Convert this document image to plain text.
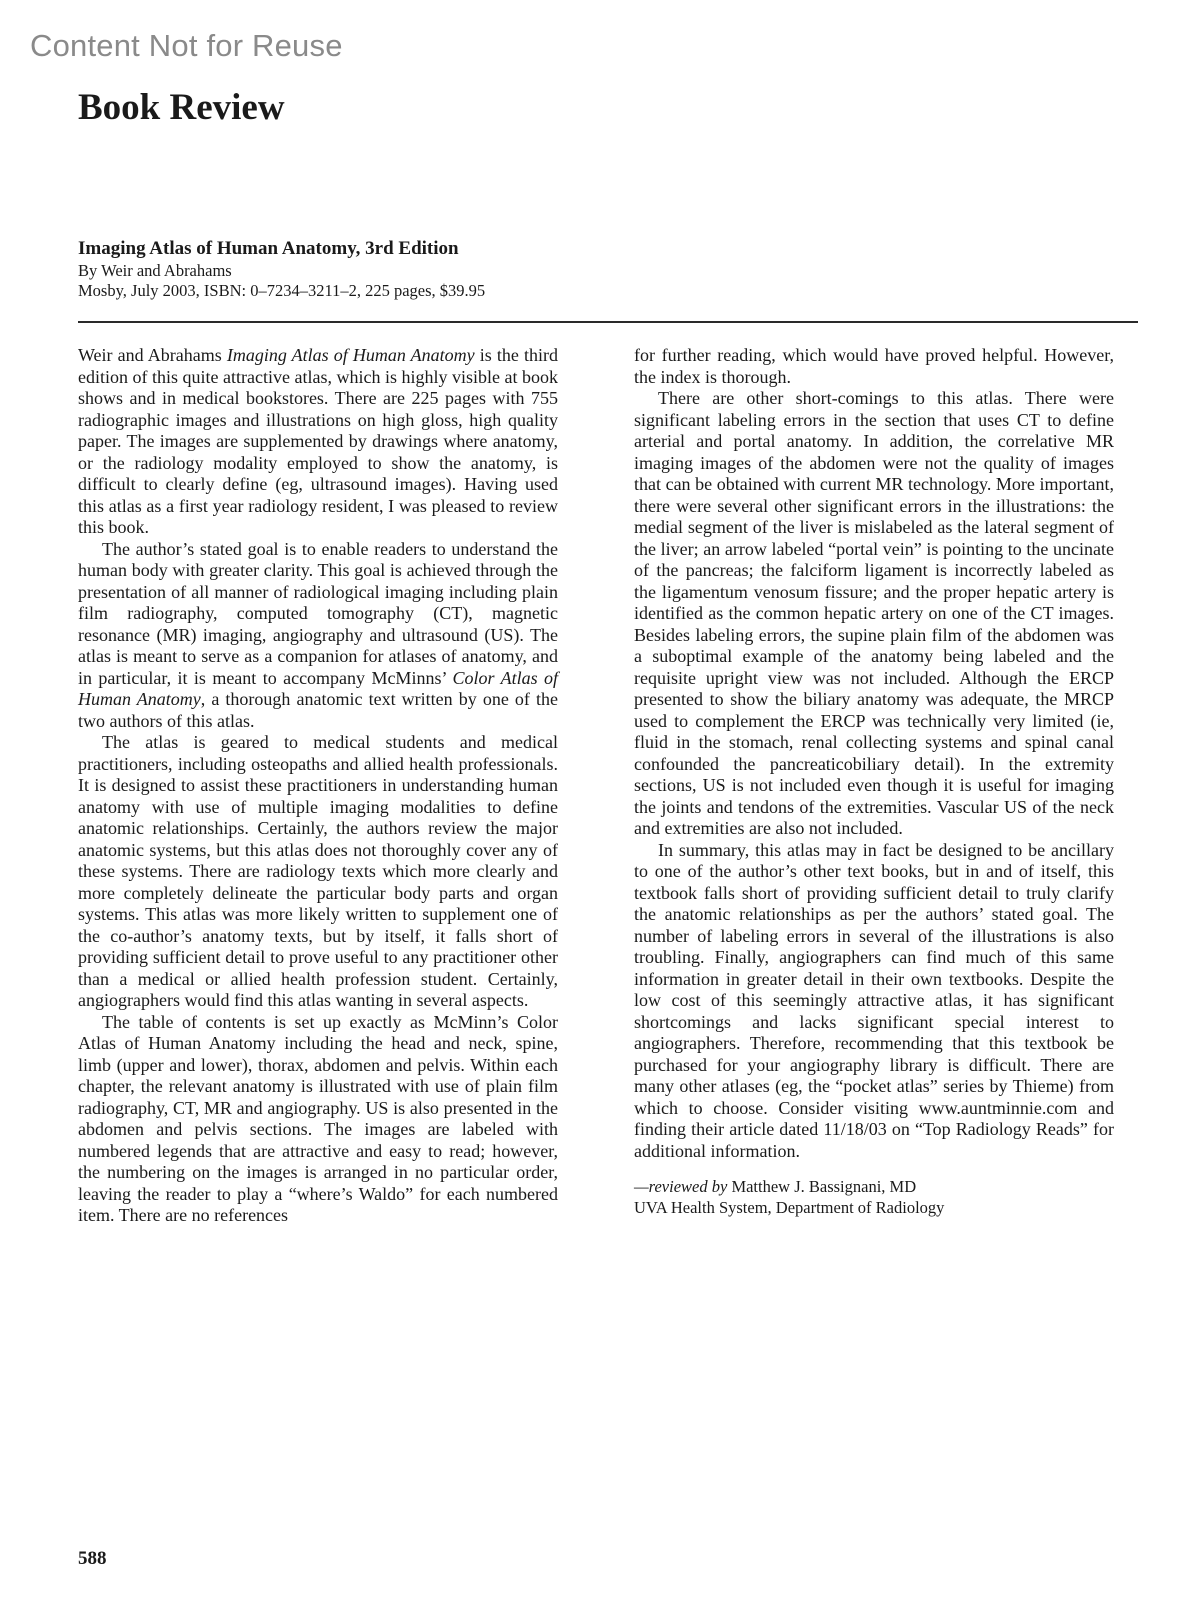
Content Not for Reuse
Book Review
Imaging Atlas of Human Anatomy, 3rd Edition
By Weir and Abrahams
Mosby, July 2003, ISBN: 0–7234–3211–2, 225 pages, $39.95

Weir and Abrahams Imaging Atlas of Human Anatomy is the third edition of this quite attractive atlas, which is highly visible at book shows and in medical bookstores. There are 225 pages with 755 radiographic images and illustrations on high gloss, high quality paper. The images are supplemented by drawings where anatomy, or the radiology modality employed to show the anatomy, is difficult to clearly define (eg, ultrasound images). Having used this atlas as a first year radiology resident, I was pleased to review this book.

The author’s stated goal is to enable readers to understand the human body with greater clarity. This goal is achieved through the presentation of all manner of radiological imaging including plain film radiography, computed tomography (CT), magnetic resonance (MR) imaging, angiography and ultrasound (US). The atlas is meant to serve as a companion for atlases of anatomy, and in particular, it is meant to accompany McMinns’ Color Atlas of Human Anatomy, a thorough anatomic text written by one of the two authors of this atlas.

The atlas is geared to medical students and medical practitioners, including osteopaths and allied health professionals. It is designed to assist these practitioners in understanding human anatomy with use of multiple imaging modalities to define anatomic relationships. Certainly, the authors review the major anatomic systems, but this atlas does not thoroughly cover any of these systems. There are radiology texts which more clearly and more completely delineate the particular body parts and organ systems. This atlas was more likely written to supplement one of the co-author’s anatomy texts, but by itself, it falls short of providing sufficient detail to prove useful to any practitioner other than a medical or allied health profession student. Certainly, angiographers would find this atlas wanting in several aspects.

The table of contents is set up exactly as McMinn’s Color Atlas of Human Anatomy including the head and neck, spine, limb (upper and lower), thorax, abdomen and pelvis. Within each chapter, the relevant anatomy is illustrated with use of plain film radiography, CT, MR and angiography. US is also presented in the abdomen and pelvis sections. The images are labeled with numbered legends that are attractive and easy to read; however, the numbering on the images is arranged in no particular order, leaving the reader to play a “where’s Waldo” for each numbered item. There are no references

for further reading, which would have proved helpful. However, the index is thorough.

There are other short-comings to this atlas. There were significant labeling errors in the section that uses CT to define arterial and portal anatomy. In addition, the correlative MR imaging images of the abdomen were not the quality of images that can be obtained with current MR technology. More important, there were several other significant errors in the illustrations: the medial segment of the liver is mislabeled as the lateral segment of the liver; an arrow labeled “portal vein” is pointing to the uncinate of the pancreas; the falciform ligament is incorrectly labeled as the ligamentum venosum fissure; and the proper hepatic artery is identified as the common hepatic artery on one of the CT images. Besides labeling errors, the supine plain film of the abdomen was a suboptimal example of the anatomy being labeled and the requisite upright view was not included. Although the ERCP presented to show the biliary anatomy was adequate, the MRCP used to complement the ERCP was technically very limited (ie, fluid in the stomach, renal collecting systems and spinal canal confounded the pancreaticobiliary detail). In the extremity sections, US is not included even though it is useful for imaging the joints and tendons of the extremities. Vascular US of the neck and extremities are also not included.

In summary, this atlas may in fact be designed to be ancillary to one of the author’s other text books, but in and of itself, this textbook falls short of providing sufficient detail to truly clarify the anatomic relationships as per the authors’ stated goal. The number of labeling errors in several of the illustrations is also troubling. Finally, angiographers can find much of this same information in greater detail in their own textbooks. Despite the low cost of this seemingly attractive atlas, it has significant shortcomings and lacks significant special interest to angiographers. Therefore, recommending that this textbook be purchased for your angiography library is difficult. There are many other atlases (eg, the “pocket atlas” series by Thieme) from which to choose. Consider visiting www.auntminnie.com and finding their article dated 11/18/03 on “Top Radiology Reads” for additional information.

—reviewed by Matthew J. Bassignani, MD
UVA Health System, Department of Radiology
588
